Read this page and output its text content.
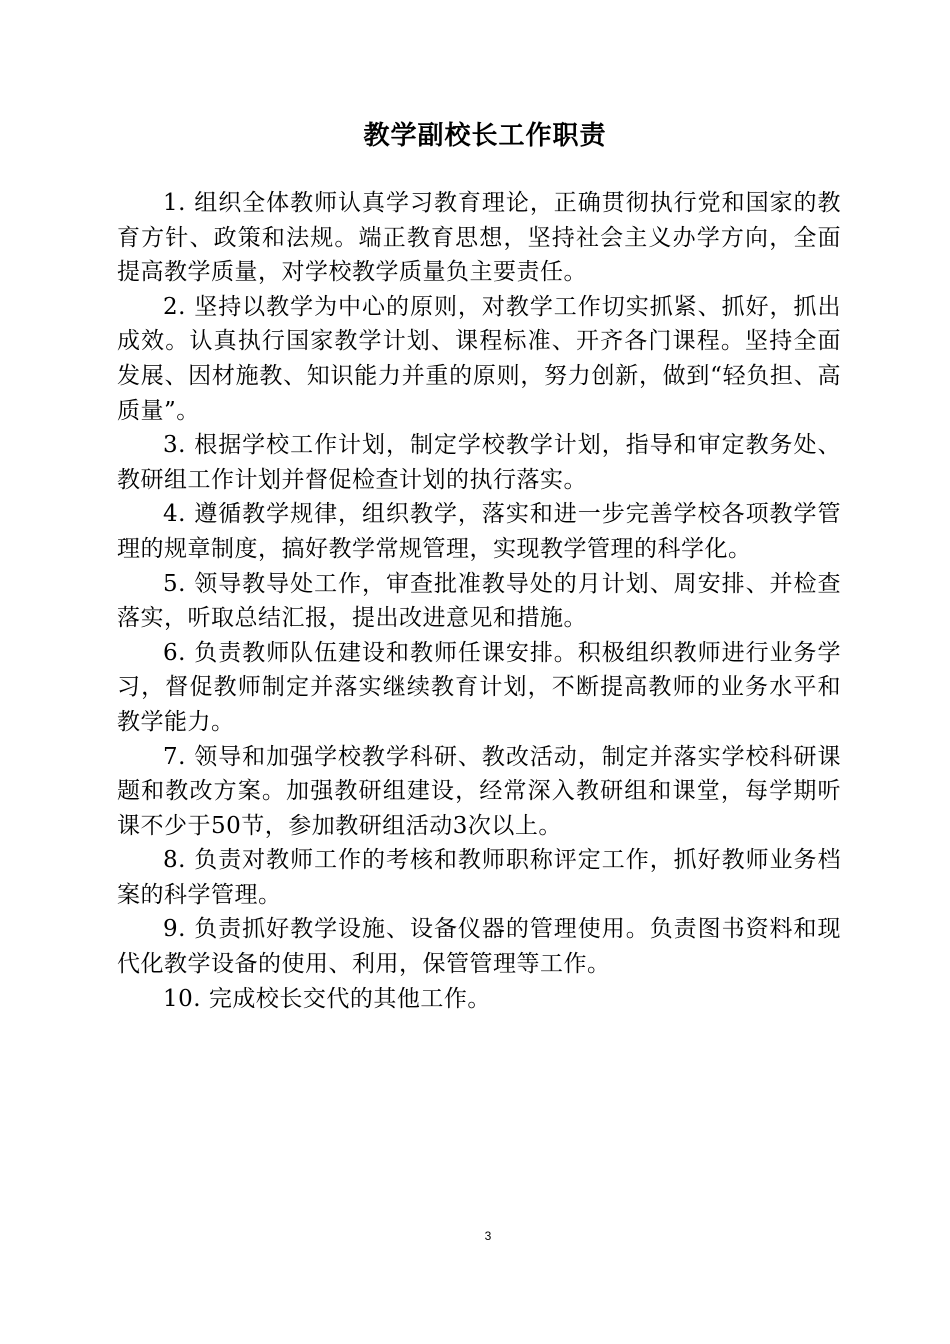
教学副校长工作职责

1. 组织全体教师认真学习教育理论，正确贯彻执行党和国家的教育方针、政策和法规。端正教育思想，坚持社会主义办学方向，全面提高教学质量，对学校教学质量负主要责任。

2. 坚持以教学为中心的原则，对教学工作切实抓紧、抓好，抓出成效。认真执行国家教学计划、课程标准、开齐各门课程。坚持全面发展、因材施教、知识能力并重的原则，努力创新，做到“轻负担、高质量”。

3. 根据学校工作计划，制定学校教学计划，指导和审定教务处、教研组工作计划并督促检查计划的执行落实。

4. 遵循教学规律，组织教学，落实和进一步完善学校各项教学管理的规章制度，搞好教学常规管理，实现教学管理的科学化。

5. 领导教导处工作，审查批准教导处的月计划、周安排、并检查落实，听取总结汇报，提出改进意见和措施。

6. 负责教师队伍建设和教师任课安排。积极组织教师进行业务学习，督促教师制定并落实继续教育计划，不断提高教师的业务水平和教学能力。

7. 领导和加强学校教学科研、教改活动，制定并落实学校科研课题和教改方案。加强教研组建设，经常深入教研组和课堂，每学期听课不少于50节，参加教研组活动3次以上。

8. 负责对教师工作的考核和教师职称评定工作，抓好教师业务档案的科学管理。

9. 负责抓好教学设施、设备仪器的管理使用。负责图书资料和现代化教学设备的使用、利用，保管管理等工作。

10. 完成校长交代的其他工作。

3
